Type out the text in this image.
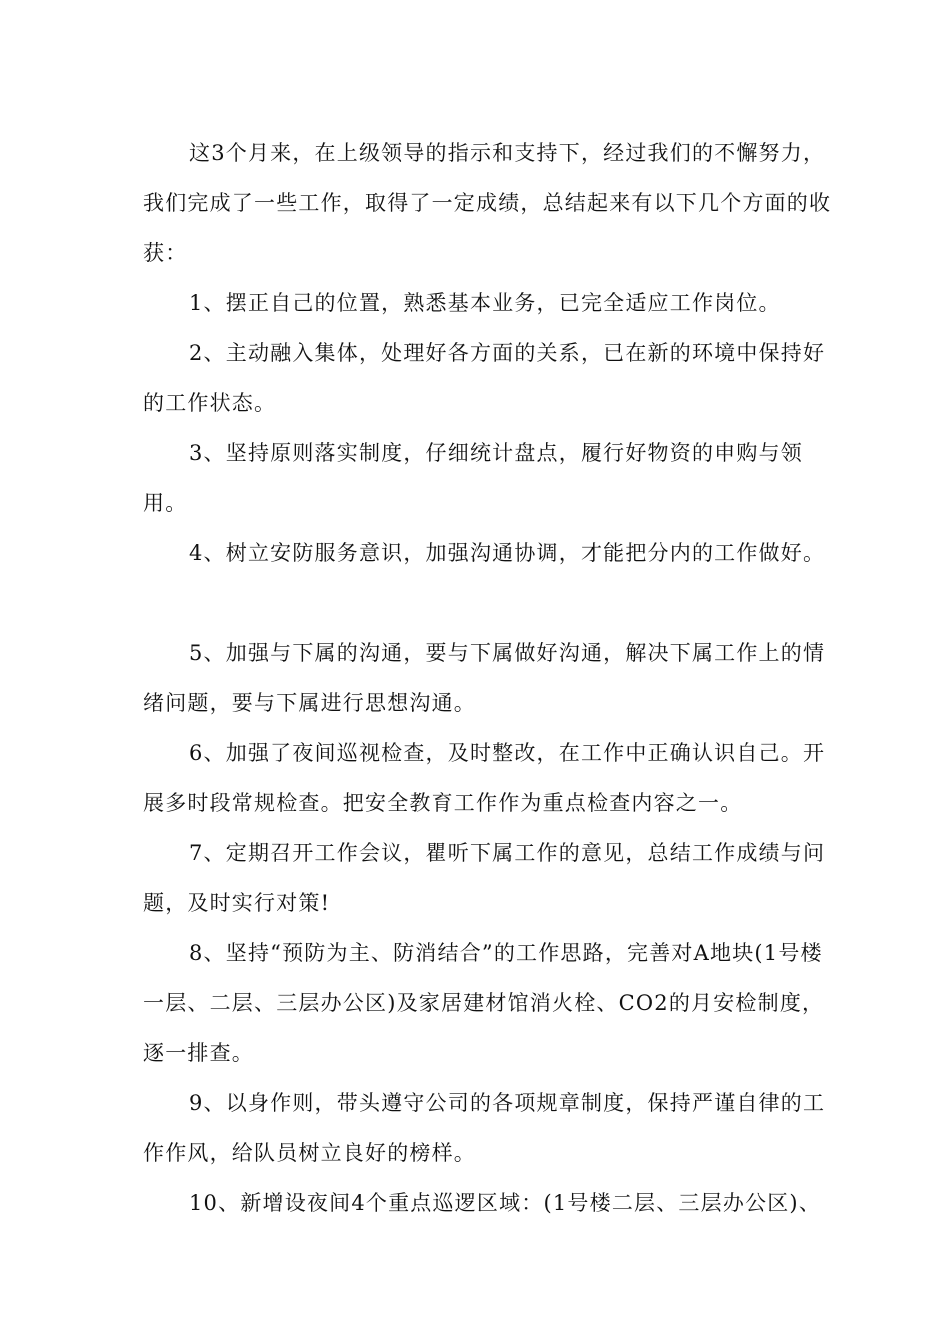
这3个月来，在上级领导的指示和支持下，经过我们的不懈努力，我们完成了一些工作，取得了一定成绩，总结起来有以下几个方面的收获：

1、摆正自己的位置，熟悉基本业务，已完全适应工作岗位。

2、主动融入集体，处理好各方面的关系，已在新的环境中保持好的工作状态。

3、坚持原则落实制度，仔细统计盘点，履行好物资的申购与领用。

4、树立安防服务意识，加强沟通协调，才能把分内的工作做好。

5、加强与下属的沟通，要与下属做好沟通，解决下属工作上的情绪问题，要与下属进行思想沟通。

6、加强了夜间巡视检查，及时整改，在工作中正确认识自己。开展多时段常规检查。把安全教育工作作为重点检查内容之一。

7、定期召开工作会议，瞿听下属工作的意见，总结工作成绩与问题，及时实行对策!

8、坚持“预防为主、防消结合”的工作思路，完善对A地块(1号楼一层、二层、三层办公区)及家居建材馆消火栓、CO2的月安检制度，逐一排查。

9、以身作则，带头遵守公司的各项规章制度，保持严谨自律的工作作风，给队员树立良好的榜样。

10、新增设夜间4个重点巡逻区域：(1号楼二层、三层办公区)、
